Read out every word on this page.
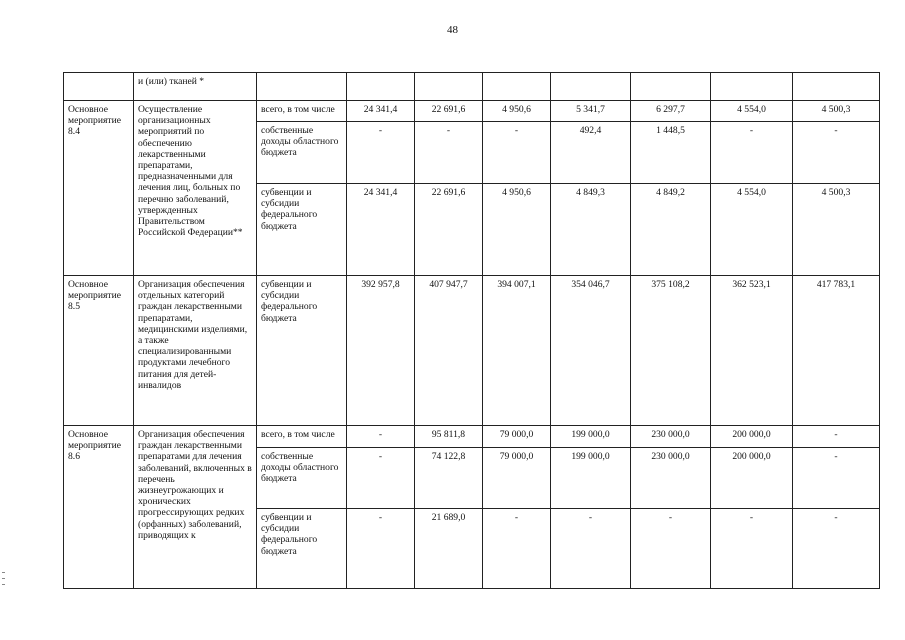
48
	и (или) тканей *								
Основное мероприятие 8.4	Осуществление организационных мероприятий по обеспечению лекарственными препаратами, предназначенными для лечения лиц, больных по перечню заболеваний, утвержденных Правительством Российской Федерации**	всего, в том числе	24 341,4	22 691,6	4 950,6	5 341,7	6 297,7	4 554,0	4 500,3
		собственные доходы областного бюджета	-	-	-	492,4	1 448,5	-	-
		субвенции и субсидии федерального бюджета	24 341,4	22 691,6	4 950,6	4 849,3	4 849,2	4 554,0	4 500,3
Основное мероприятие 8.5	Организация обеспечения отдельных категорий граждан лекарственными препаратами, медицинскими изделиями, а также специализированными продуктами лечебного питания для детей-инвалидов	субвенции и субсидии федерального бюджета	392 957,8	407 947,7	394 007,1	354 046,7	375 108,2	362 523,1	417 783,1
Основное мероприятие 8.6	Организация обеспечения граждан лекарственными препаратами для лечения заболеваний, включенных в перечень жизнеугрожающих и хронических прогрессирующих редких (орфанных) заболеваний, приводящих к	всего, в том числе	-	95 811,8	79 000,0	199 000,0	230 000,0	200 000,0	-
		собственные доходы областного бюджета	-	74 122,8	79 000,0	199 000,0	230 000,0	200 000,0	-
		субвенции и субсидии федерального бюджета	-	21 689,0	-	-	-	-	-
